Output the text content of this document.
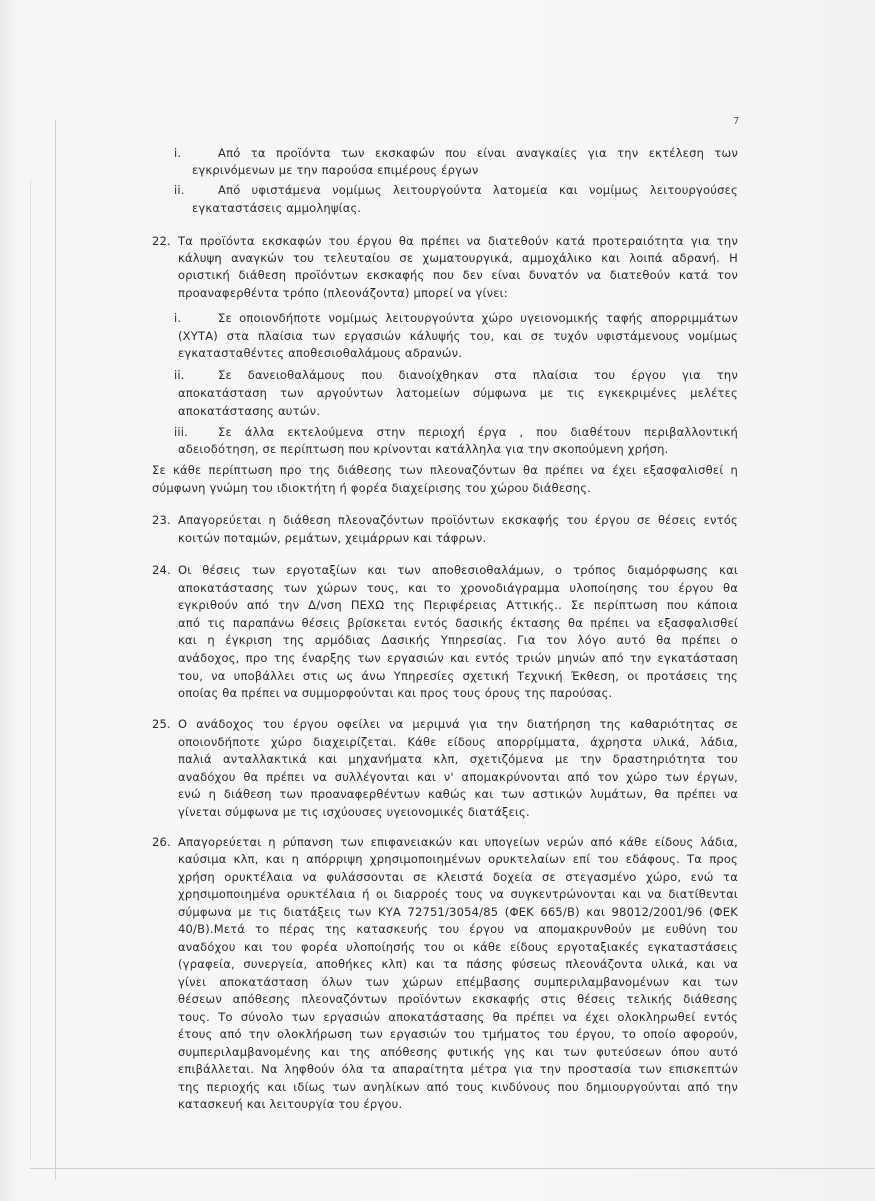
7
i.	Από τα προϊόντα των εκσκαφών που είναι αναγκαίες για την εκτέλεση των
εγκρινόμενων με την παρούσα επιμέρους έργων
ii.	Από υφιστάμενα νομίμως λειτουργούντα λατομεία και νομίμως λειτουργούσες
εγκαταστάσεις αμμοληψίας.
22. Τα προϊόντα εκσκαφών του έργου θα πρέπει να διατεθούν κατά προτεραιότητα για την
κάλυψη αναγκών του τελευταίου σε χωματουργικά, αμμοχάλικο και λοιπά αδρανή. Η
οριστική διάθεση προϊόντων εκσκαφής που δεν είναι δυνατόν να διατεθούν κατά τον
προαναφερθέντα τρόπο (πλεονάζοντα) μπορεί να γίνει:
i.	Σε οποιονδήποτε νομίμως λειτουργούντα χώρο υγειονομικής ταφής απορριμμάτων
(ΧΥΤΑ) στα πλαίσια των εργασιών κάλυψής του, και σε τυχόν υφιστάμενους νομίμως
εγκατασταθέντες αποθεσιοθαλάμους αδρανών.
ii.	Σε δανειοθαλάμους που διανοίχθηκαν στα πλαίσια του έργου για την
αποκατάσταση των αργούντων λατομείων σύμφωνα με τις εγκεκριμένες μελέτες
αποκατάστασης αυτών.
iii.	Σε άλλα εκτελούμενα στην περιοχή έργα , που διαθέτουν περιβαλλοντική
αδειοδότηση, σε περίπτωση που κρίνονται κατάλληλα για την σκοπούμενη χρήση.
Σε κάθε περίπτωση προ της διάθεσης των πλεοναζόντων θα πρέπει να έχει εξασφαλισθεί η
σύμφωνη γνώμη του ιδιοκτήτη ή φορέα διαχείρισης του χώρου διάθεσης.
23. Απαγορεύεται η διάθεση πλεοναζόντων προϊόντων εκσκαφής του έργου σε θέσεις εντός
κοιτών ποταμών, ρεμάτων, χειμάρρων και τάφρων.
24. Οι θέσεις των εργοταξίων και των αποθεσιοθαλάμων, ο τρόπος διαμόρφωσης και
αποκατάστασης των χώρων τους, και το χρονοδιάγραμμα υλοποίησης του έργου θα
εγκριθούν από την Δ/νση ΠΕΧΩ της Περιφέρειας Αττικής.. Σε περίπτωση που κάποια
από τις παραπάνω θέσεις βρίσκεται εντός δασικής έκτασης θα πρέπει να εξασφαλισθεί
και η έγκριση της αρμόδιας Δασικής Υπηρεσίας. Για τον λόγο αυτό θα πρέπει ο
ανάδοχος, προ της έναρξης των εργασιών και εντός τριών μηνών από την εγκατάσταση
του, να υποβάλλει στις ως άνω Υπηρεσίες σχετική Τεχνική Έκθεση, οι προτάσεις της
οποίας θα πρέπει να συμμορφούνται και προς τους όρους της παρούσας.
25. Ο ανάδοχος του έργου οφείλει να μεριμνά για την διατήρηση της καθαριότητας σε
οποιονδήποτε χώρο διαχειρίζεται. Κάθε είδους απορρίμματα, άχρηστα υλικά, λάδια,
παλιά ανταλλακτικά και μηχανήματα κλπ, σχετιζόμενα με την δραστηριότητα του
αναδόχου θα πρέπει να συλλέγονται και ν' απομακρύνονται από τον χώρο των έργων,
ενώ η διάθεση των προαναφερθέντων καθώς και των αστικών λυμάτων, θα πρέπει να
γίνεται σύμφωνα με τις ισχύουσες υγειονομικές διατάξεις.
26. Απαγορεύεται η ρύπανση των επιφανειακών και υπογείων νερών από κάθε είδους λάδια,
καύσιμα κλπ, και η απόρριψη χρησιμοποιημένων ορυκτελαίων επί του εδάφους. Τα προς
χρήση ορυκτέλαια να φυλάσσονται σε κλειστά δοχεία σε στεγασμένο χώρο, ενώ τα
χρησιμοποιημένα ορυκτέλαια ή οι διαρροές τους να συγκεντρώνονται και να διατίθενται
σύμφωνα με τις διατάξεις των ΚΥΑ 72751/3054/85 (ΦΕΚ 665/Β) και 98012/2001/96 (ΦΕΚ
40/Β).Μετά το πέρας της κατασκευής του έργου να απομακρυνθούν με ευθύνη του
αναδόχου και του φορέα υλοποίησής του οι κάθε είδους εργοταξιακές εγκαταστάσεις
(γραφεία, συνεργεία, αποθήκες κλπ) και τα πάσης φύσεως πλεονάζοντα υλικά, και να
γίνει αποκατάσταση όλων των χώρων επέμβασης συμπεριλαμβανομένων και των
θέσεων απόθεσης πλεοναζόντων προϊόντων εκσκαφής στις θέσεις τελικής διάθεσης
τους. Το σύνολο των εργασιών αποκατάστασης θα πρέπει να έχει ολοκληρωθεί εντός
έτους από την ολοκλήρωση των εργασιών του τμήματος του έργου, το οποίο αφορούν,
συμπεριλαμβανομένης και της απόθεσης φυτικής γης και των φυτεύσεων όπου αυτό
επιβάλλεται. Να ληφθούν όλα τα απαραίτητα μέτρα για την προστασία των επισκεπτών
της περιοχής και ιδίως των ανηλίκων από τους κινδύνους που δημιουργούνται από την
κατασκευή και λειτουργία του έργου.
